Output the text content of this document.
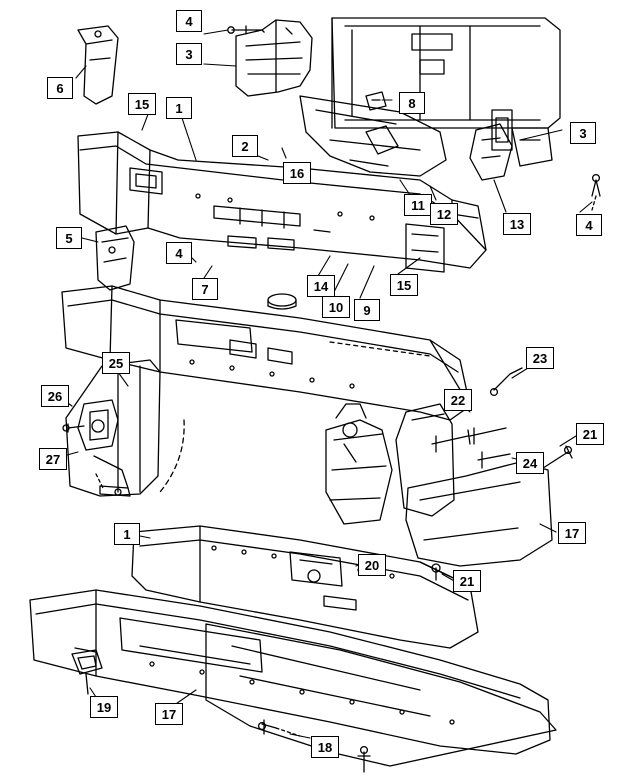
4
3
6
15	1	8
3
2
16
11
12
13	4
5
4
7	14
10	9
15
25	23
26	22
21
27	24
1	17
20
21
19	17
18
